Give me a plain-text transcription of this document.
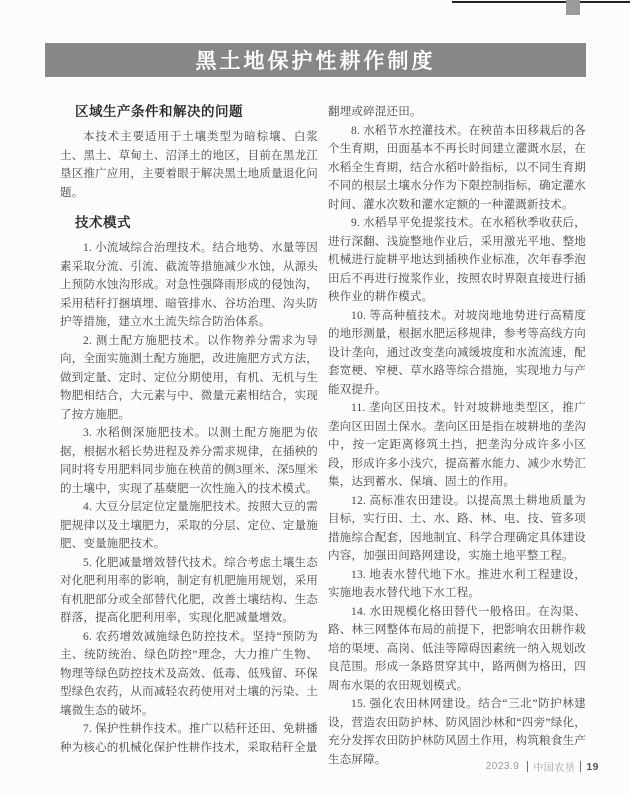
黑土地保护性耕作制度
区域生产条件和解决的问题

本技术主要适用于土壤类型为暗棕壤、白浆土、黑土、草甸土、沼泽土的地区，目前在黑龙江垦区推广应用，主要着眼于解决黑土地质量退化问题。

技术模式

1. 小流域综合治理技术。结合地势、水量等因素采取分流、引流、截流等措施减少水蚀，从源头上预防水蚀沟形成。对急性强降雨形成的侵蚀沟，采用秸秆打捆填埋、暗管排水、谷坊治理、沟头防护等措施，建立水土流失综合防治体系。

2. 测土配方施肥技术。以作物养分需求为导向，全面实施测土配方施肥，改进施肥方式方法，做到定量、定时、定位分期使用，有机、无机与生物肥相结合，大元素与中、微量元素相结合，实现了按方施肥。

3. 水稻侧深施肥技术。以测土配方施肥为依据，根据水稻长势进程及养分需求规律，在插秧的同时将专用肥料同步施在秧苗的侧3厘米、深5厘米的土壤中，实现了基蘖肥一次性施入的技术模式。

4. 大豆分层定位定量施肥技术。按照大豆的需肥规律以及土壤肥力，采取的分层、定位、定量施肥、变量施肥技术。

5. 化肥减量增效替代技术。综合考虑土壤生态对化肥利用率的影响，制定有机肥施用规划，采用有机肥部分或全部替代化肥，改善土壤结构、生态群落，提高化肥利用率，实现化肥减量增效。

6. 农药增效减施绿色防控技术。坚持“预防为主、统防统治、绿色防控”理念，大力推广生物、物理等绿色防控技术及高效、低毒、低残留、环保型绿色农药，从而减轻农药使用对土壤的污染、土壤微生态的破坏。

7. 保护性耕作技术。推广以秸秆还田、免耕播种为核心的机械化保护性耕作技术，采取秸秆全量

翻埋或碎混还田。

8. 水稻节水控灌技术。在秧苗本田移栽后的各个生育期，田面基本不再长时间建立灌溉水层，在水稻全生育期，结合水稻叶龄指标，以不同生育期不同的根层土壤水分作为下限控制指标，确定灌水时间、灌水次数和灌水定额的一种灌溉新技术。

9. 水稻旱平免提浆技术。在水稻秋季收获后，进行深翻、浅旋整地作业后，采用激光平地、整地机械进行旋耕平地达到插秧作业标准，次年春季泡田后不再进行搅浆作业，按照农时界限直接进行插秧作业的耕作模式。

10. 等高种植技术。对坡岗地地势进行高精度的地形测量，根据水肥运移规律，参考等高线方向设计垄向，通过改变垄向减缓坡度和水流流速，配套宽梗、窄梗、草水路等综合措施，实现地力与产能双提升。

11. 垄向区田技术。针对坡耕地类型区，推广垄向区田固土保水。垄向区田是指在坡耕地的垄沟中，按一定距离修筑土挡，把垄沟分成许多小区段，形成许多小浅穴，提高蓄水能力、减少水势汇集，达到蓄水、保墒、固土的作用。

12. 高标准农田建设。以提高黑土耕地质量为目标，实行田、土、水、路、林、电、技、管多项措施综合配套，因地制宜、科学合理确定具体建设内容，加强田间路网建设，实施土地平整工程。

13. 地表水替代地下水。推进水利工程建设，实施地表水替代地下水工程。

14. 水田规模化格田替代一般格田。在沟渠、路、林三网整体布局的前提下，把影响农田耕作栽培的渠埂、高岗、低洼等障碍因素统一纳入规划改良范围。形成一条路贯穿其中，路两侧为格田，四周布水渠的农田规划模式。

15. 强化农田林网建设。结合“三北”防护林建设，营造农田防护林、防风固沙林和“四旁”绿化，充分发挥农田防护林防风固土作用，构筑粮食生产生态屏障。

2023.9 中国农垦 19
